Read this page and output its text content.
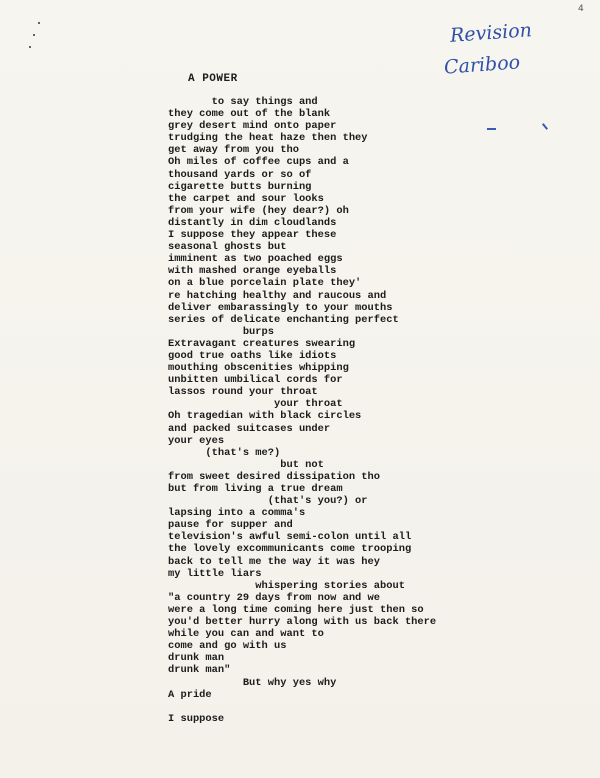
4
Revision
Cariboo
A POWER
to say things and
they come out of the blank
grey desert mind onto paper
trudging the heat haze then they
get away from you tho
Oh miles of coffee cups and a
thousand yards or so of
cigarette butts burning
the carpet and sour looks
from your wife (hey dear?) oh
distantly in dim cloudlands
I suppose they appear these
seasonal ghosts but
imminent as two poached eggs
with mashed orange eyeballs
on a blue porcelain plate they'
re hatching healthy and raucous and
deliver embarassingly to your mouths
series of delicate enchanting perfect
burps
Extravagant creatures swearing
good true oaths like idiots
mouthing obscenities whipping
unbitten umbilical cords for
lassos round your throat
your throat
Oh tragedian with black circles
and packed suitcases under
your eyes
(that's me?)
but not
from sweet desired dissipation tho
but from living a true dream
(that's you?) or
lapsing into a comma's
pause for supper and
television's awful semi-colon until all
the lovely excommunicants come trooping
back to tell me the way it was hey
my little liars
whispering stories about
"a country 29 days from now and we
were a long time coming here just then so
you'd better hurry along with us back there
while you can and want to
come and go with us
drunk man
drunk man"
But why yes why
A pride
I suppose
